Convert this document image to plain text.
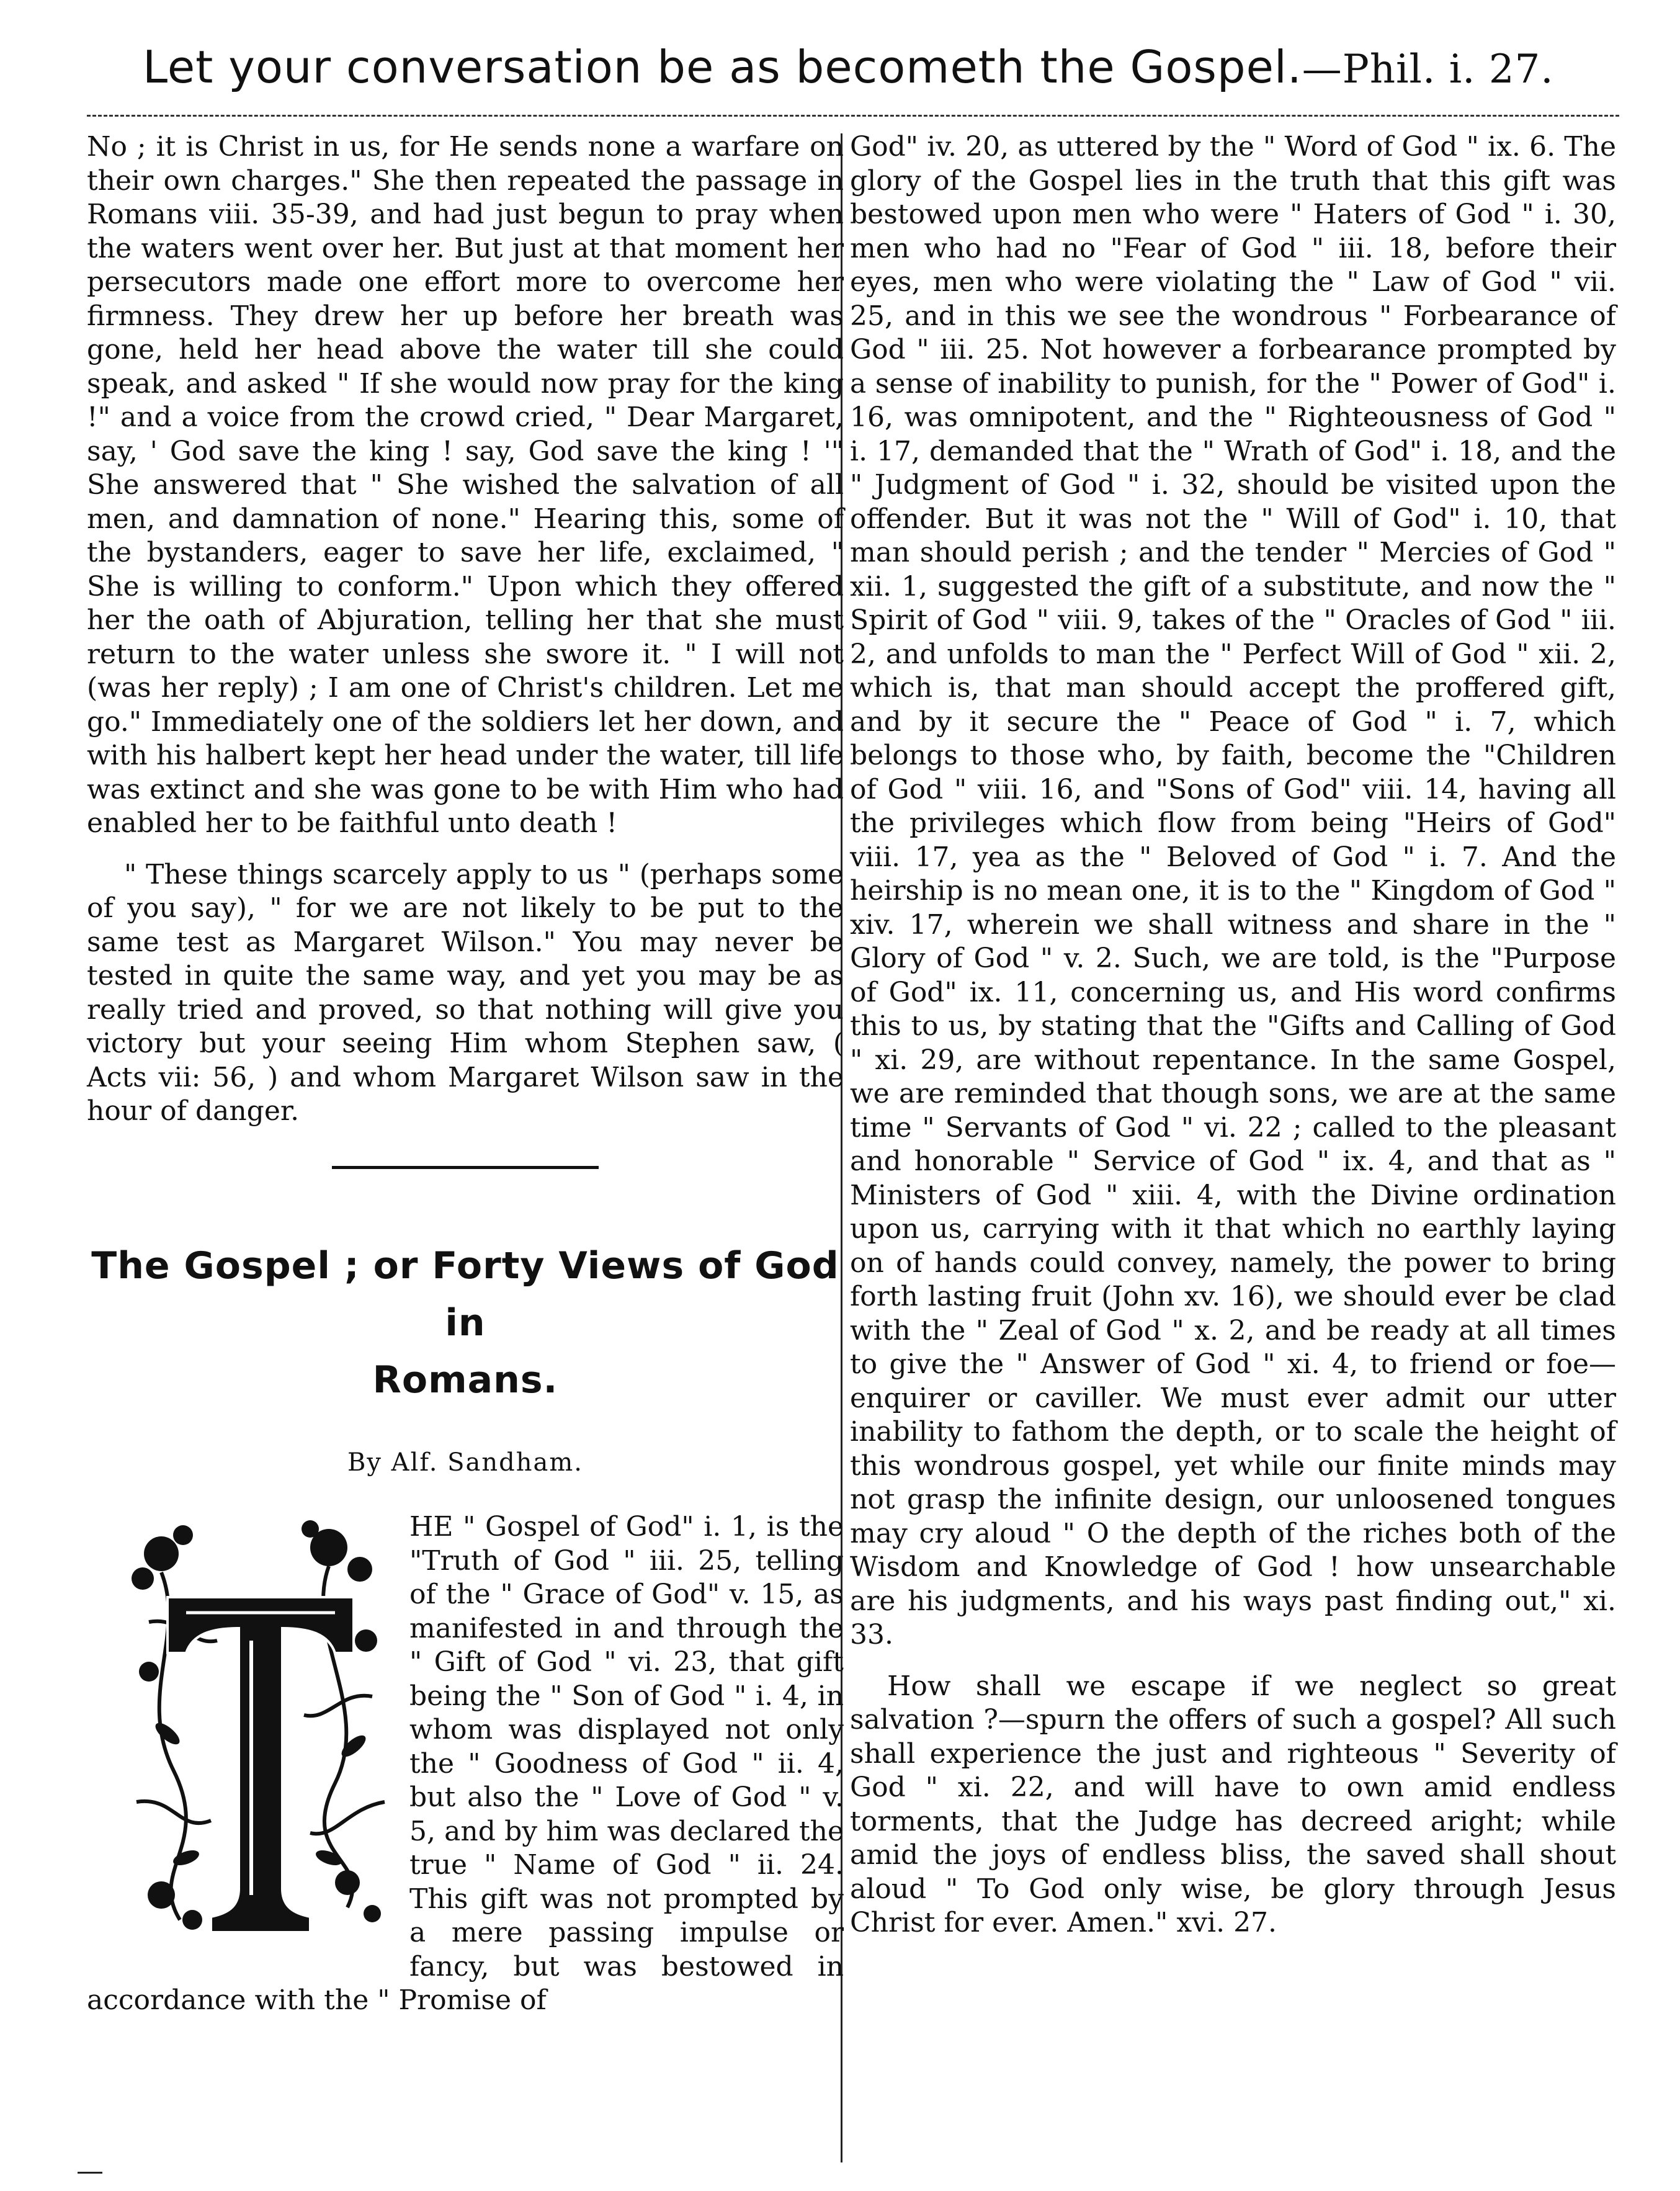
Let your conversation be as becometh the Gospel.—Phil. i. 27.

No ; it is Christ in us, for He sends none a warfare on their own charges." She then repeated the passage in Romans viii. 35-39, and had just begun to pray when the waters went over her. But just at that moment her persecutors made one effort more to overcome her firmness. They drew her up before her breath was gone, held her head above the water till she could speak, and asked " If she would now pray for the king !" and a voice from the crowd cried, " Dear Margaret, say, ' God save the king ! say, God save the king ! '" She answered that " She wished the salvation of all men, and damnation of none." Hearing this, some of the bystanders, eager to save her life, exclaimed, " She is willing to conform." Upon which they offered her the oath of Abjuration, telling her that she must return to the water unless she swore it. " I will not (was her reply) ; I am one of Christ's children. Let me go." Immediately one of the soldiers let her down, and with his halbert kept her head under the water, till life was extinct and she was gone to be with Him who had enabled her to be faithful unto death !

" These things scarcely apply to us " (perhaps some of you say), " for we are not likely to be put to the same test as Margaret Wilson." You may never be tested in quite the same way, and yet you may be as really tried and proved, so that nothing will give you victory but your seeing Him whom Stephen saw, ( Acts vii: 56, ) and whom Margaret Wilson saw in the hour of danger.

The Gospel ; or Forty Views of God in
Romans.
By Alf. Sandham.

HE " Gospel of God" i. 1, is the "Truth of God " iii. 25, telling of the " Grace of God" v. 15, as manifested in and through the " Gift of God " vi. 23, that gift being the " Son of God " i. 4, in whom was displayed not only the " Goodness of God " ii. 4, but also the " Love of God " v. 5, and by him was declared the true " Name of God " ii. 24. This gift was not prompted by a mere passing impulse or fancy, but was bestowed in accordance with the " Promise of

God" iv. 20, as uttered by the " Word of God " ix. 6. The glory of the Gospel lies in the truth that this gift was bestowed upon men who were " Haters of God " i. 30, men who had no "Fear of God " iii. 18, before their eyes, men who were violating the " Law of God " vii. 25, and in this we see the wondrous " Forbearance of God " iii. 25. Not however a forbearance prompted by a sense of inability to punish, for the " Power of God" i. 16, was omnipotent, and the " Righteousness of God " i. 17, demanded that the " Wrath of God" i. 18, and the " Judgment of God " i. 32, should be visited upon the offender. But it was not the " Will of God" i. 10, that man should perish ; and the tender " Mercies of God " xii. 1, suggested the gift of a substitute, and now the " Spirit of God " viii. 9, takes of the " Oracles of God " iii. 2, and unfolds to man the " Perfect Will of God " xii. 2, which is, that man should accept the proffered gift, and by it secure the " Peace of God " i. 7, which belongs to those who, by faith, become the "Children of God " viii. 16, and "Sons of God" viii. 14, having all the privileges which flow from being "Heirs of God" viii. 17, yea as the " Beloved of God " i. 7. And the heirship is no mean one, it is to the " Kingdom of God " xiv. 17, wherein we shall witness and share in the " Glory of God " v. 2. Such, we are told, is the "Purpose of God" ix. 11, concerning us, and His word confirms this to us, by stating that the "Gifts and Calling of God " xi. 29, are without repentance. In the same Gospel, we are reminded that though sons, we are at the same time " Servants of God " vi. 22 ; called to the pleasant and honorable " Service of God " ix. 4, and that as " Ministers of God " xiii. 4, with the Divine ordination upon us, carrying with it that which no earthly laying on of hands could convey, namely, the power to bring forth lasting fruit (John xv. 16), we should ever be clad with the " Zeal of God " x. 2, and be ready at all times to give the " Answer of God " xi. 4, to friend or foe—enquirer or caviller. We must ever admit our utter inability to fathom the depth, or to scale the height of this wondrous gospel, yet while our finite minds may not grasp the infinite design, our unloosened tongues may cry aloud " O the depth of the riches both of the Wisdom and Knowledge of God ! how unsearchable are his judgments, and his ways past finding out," xi. 33.

How shall we escape if we neglect so great salvation ?—spurn the offers of such a gospel? All such shall experience the just and righteous " Severity of God " xi. 22, and will have to own amid endless torments, that the Judge has decreed aright; while amid the joys of endless bliss, the saved shall shout aloud " To God only wise, be glory through Jesus Christ for ever. Amen." xvi. 27.
